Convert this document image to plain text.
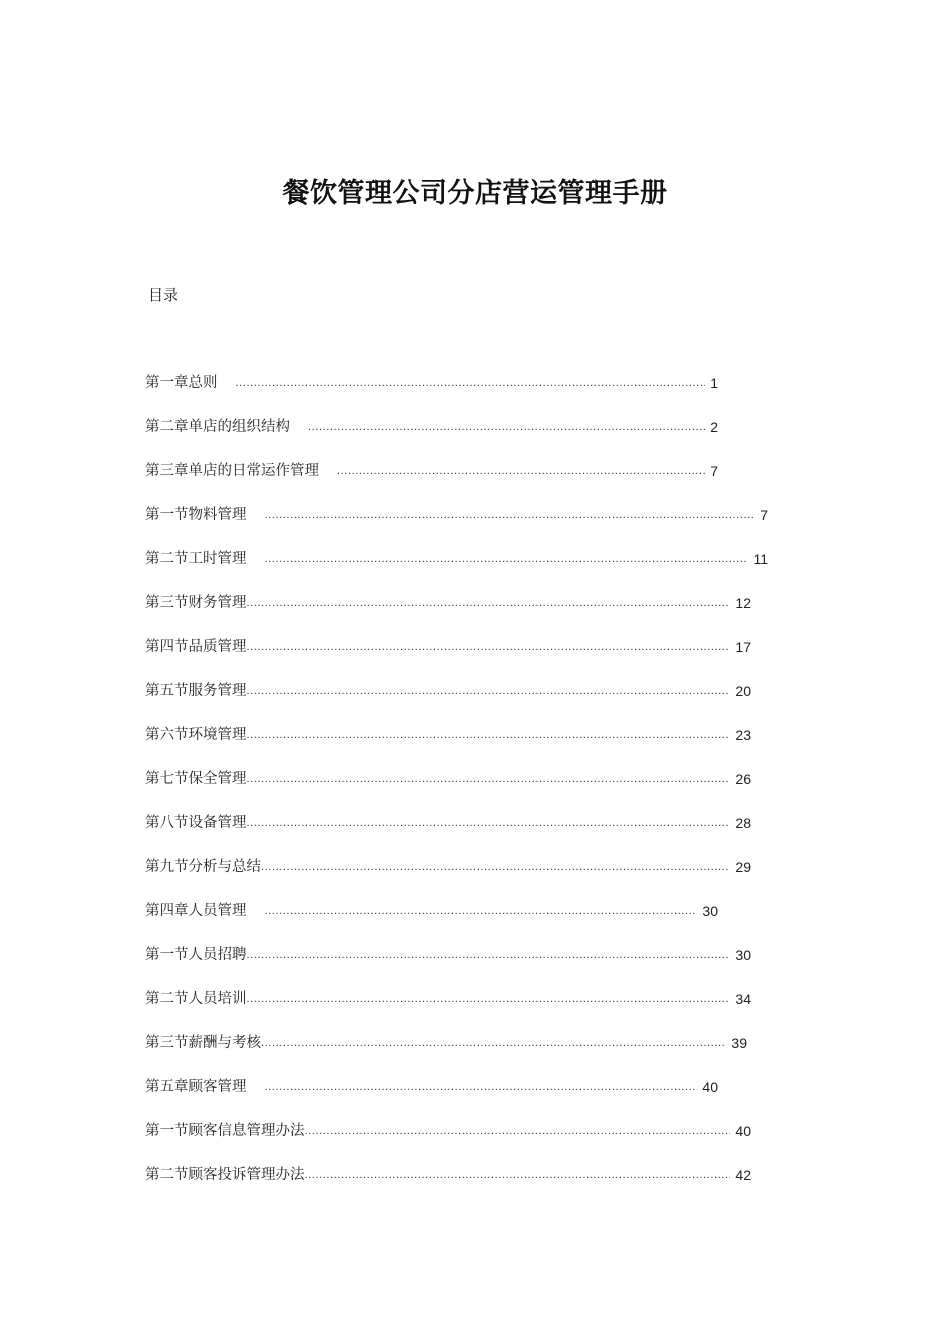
餐饮管理公司分店营运管理手册
目录
第一章总则 .....	1
第二章单店的组织结构 .....	2
第三章单店的日常运作管理 .....	7
第一节物料管理 .....	7
第二节工时管理 .....	11
第三节财务管理 .....	12
第四节品质管理 .....	17
第五节服务管理 .....	20
第六节环境管理 .....	23
第七节保全管理 .....	26
第八节设备管理 .....	28
第九节分析与总结 .....	29
第四章人员管理 .....	30
第一节人员招聘 .....	30
第二节人员培训 .....	34
第三节薪酬与考核 .....	39
第五章顾客管理 .....	40
第一节顾客信息管理办法 .....	40
第二节顾客投诉管理办法 .....	42
